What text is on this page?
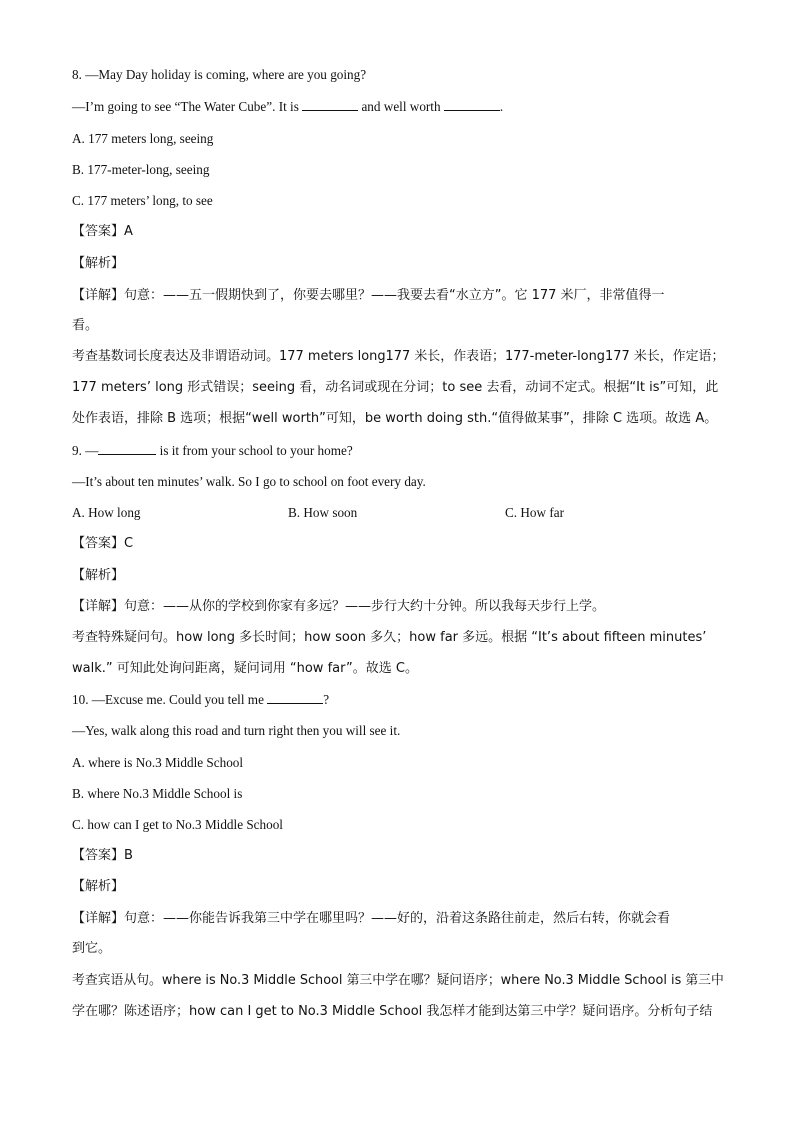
8. —May Day holiday is coming, where are you going?
—I’m going to see “The Water Cube”. It is	and well worth	.
A. 177 meters long, seeing
B. 177-meter-long, seeing
C. 177 meters’ long, to see
【答案】A
【解析】
【详解】句意：——五一假期快到了，你要去哪里？——我要去看“水立方”。它 177 米厂，非常值得一
看。
考查基数词长度表达及非谓语动词。177 meters long177 米长，作表语；177-meter-long177 米长，作定语；
177 meters’ long 形式错误；seeing 看，动名词或现在分词；to see 去看，动词不定式。根据“It is”可知，此
处作表语，排除 B 选项；根据“well worth”可知，be worth doing sth.“值得做某事”，排除 C 选项。故选 A。
9. —	is it from your school to your home?
—It’s about ten minutes’ walk. So I go to school on foot every day.
A. How long	B. How soon	C. How far
【答案】C
【解析】
【详解】句意：——从你的学校到你家有多远？——步行大约十分钟。所以我每天步行上学。
考查特殊疑问句。how long 多长时间；how soon 多久；how far 多远。根据 “It’s about fifteen minutes’
walk.” 可知此处询问距离，疑问词用 “how far”。故选 C。
10. —Excuse me. Could you tell me	?
—Yes, walk along this road and turn right then you will see it.
A. where is No.3 Middle School
B. where No.3 Middle School is
C. how can I get to No.3 Middle School
【答案】B
【解析】
【详解】句意：——你能告诉我第三中学在哪里吗？——好的，沿着这条路往前走，然后右转，你就会看
到它。
考查宾语从句。where is No.3 Middle School 第三中学在哪？疑问语序；where No.3 Middle School is 第三中
学在哪？陈述语序；how can I get to No.3 Middle School 我怎样才能到达第三中学？疑问语序。分析句子结
